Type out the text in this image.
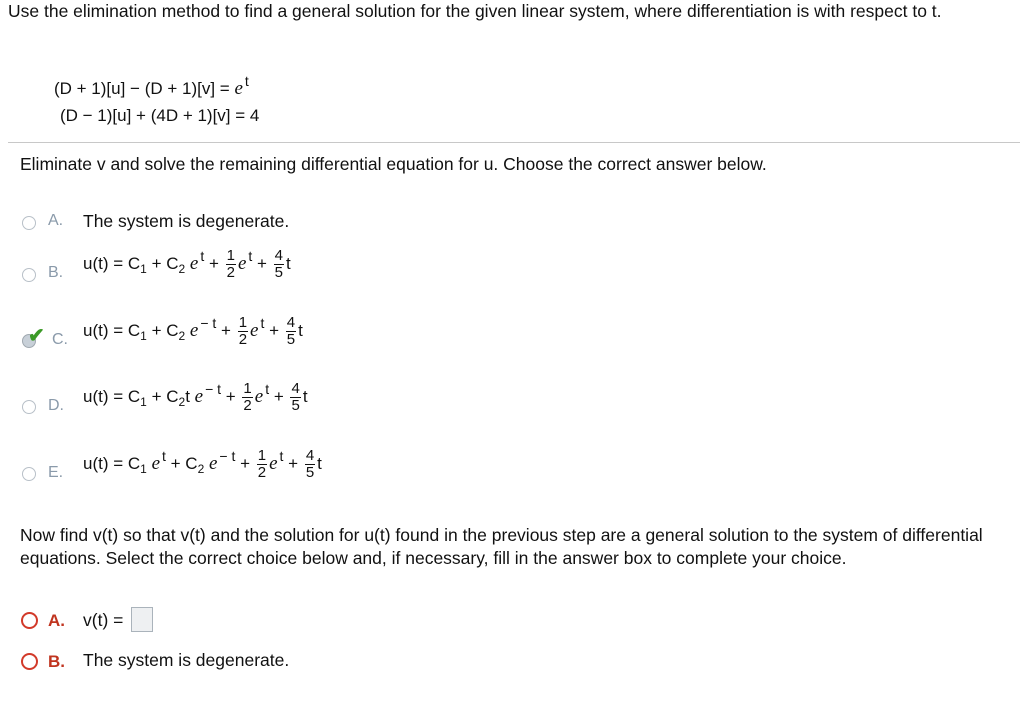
Use the elimination method to find a general solution for the given linear system, where differentiation is with respect to t.
(D + 1)[u] − (D + 1)[v] = e $^t$
(D − 1)[u] + (4D + 1)[v] = 4
Eliminate v and solve the remaining differential equation for u. Choose the correct answer below.
A. The system is degenerate.
B. $u(t) = C_1 + C_2$ e $^t + \frac{1}{2}$ e $^t + \frac{4}{5}$ t
✔ C. $u(t) = C_1 + C_2$ e $^{- t} + \frac{1}{2}$ e $^t + \frac{4}{5}$ t
D. $u(t) = C_1 + C_2t$ e $^{- t} + \frac{1}{2}$ e $^t + \frac{4}{5}$ t
E. $u(t) = C_1$ e $^t + C_2$ e $^{- t} + \frac{1}{2}$ e $^t + \frac{4}{5}$ t
Now find v(t) so that v(t) and the solution for u(t) found in the previous step are a general solution to the system of differential equations. Select the correct choice below and, if necessary, fill in the answer box to complete your choice.
A. v(t) =
B. The system is degenerate.
